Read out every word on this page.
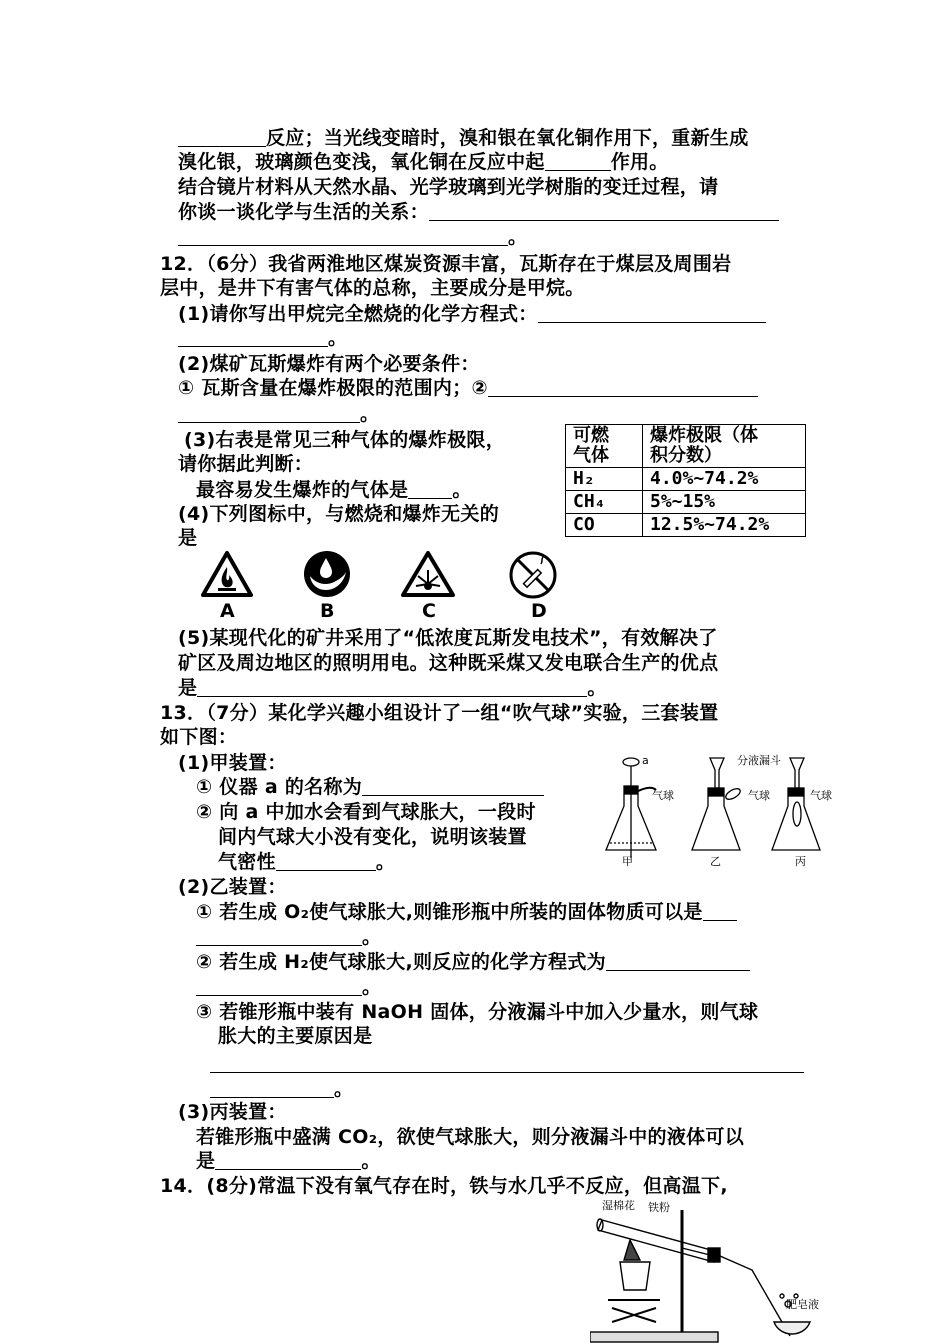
反应；当光线变暗时，溴和银在氧化铜作用下，重新生成
溴化银，玻璃颜色变浅，氧化铜在反应中起	作用。
结合镜片材料从天然水晶、光学玻璃到光学树脂的变迁过程，请
你谈一谈化学与生活的关系：
。
12．（6分）我省两淮地区煤炭资源丰富，瓦斯存在于煤层及周围岩
层中，是井下有害气体的总称，主要成分是甲烷。
(1)请你写出甲烷完全燃烧的化学方程式：
。
(2)煤矿瓦斯爆炸有两个必要条件：
① 瓦斯含量在爆炸极限的范围内；②
。
(3)右表是常见三种气体的爆炸极限，
请你据此判断：
最容易发生爆炸的气体是 。
(4)下列图标中，与燃烧和爆炸无关的
是
可燃
气体	爆炸极限（体
积分数）
H₂	4.0%~74.2%
CH₄	5%~15%
CO	12.5%~74.2%
A	B	C	D
(5)某现代化的矿井采用了“低浓度瓦斯发电技术”，有效解决了
矿区及周边地区的照明用电。这种既采煤又发电联合生产的优点
是	。
13．（7分）某化学兴趣小组设计了一组“吹气球”实验，三套装置
如下图：
(1)甲装置：
① 仪器 a 的名称为
② 向 a 中加水会看到气球胀大，一段时
间内气球大小没有变化，说明该装置
气密性	。
a
气球
分液漏斗
气球	气球
甲	乙	丙
(2)乙装置：
① 若生成 O₂使气球胀大,则锥形瓶中所装的固体物质可以是
。
② 若生成 H₂使气球胀大,则反应的化学方程式为
。
③ 若锥形瓶中装有 NaOH 固体，分液漏斗中加入少量水，则气球
胀大的主要原因是
。
(3)丙装置：
若锥形瓶中盛满 CO₂，欲使气球胀大，则分液漏斗中的液体可以
是	。
14．(8分)常温下没有氧气存在时，铁与水几乎不反应，但高温下,
湿棉花 铁粉
肥皂液
